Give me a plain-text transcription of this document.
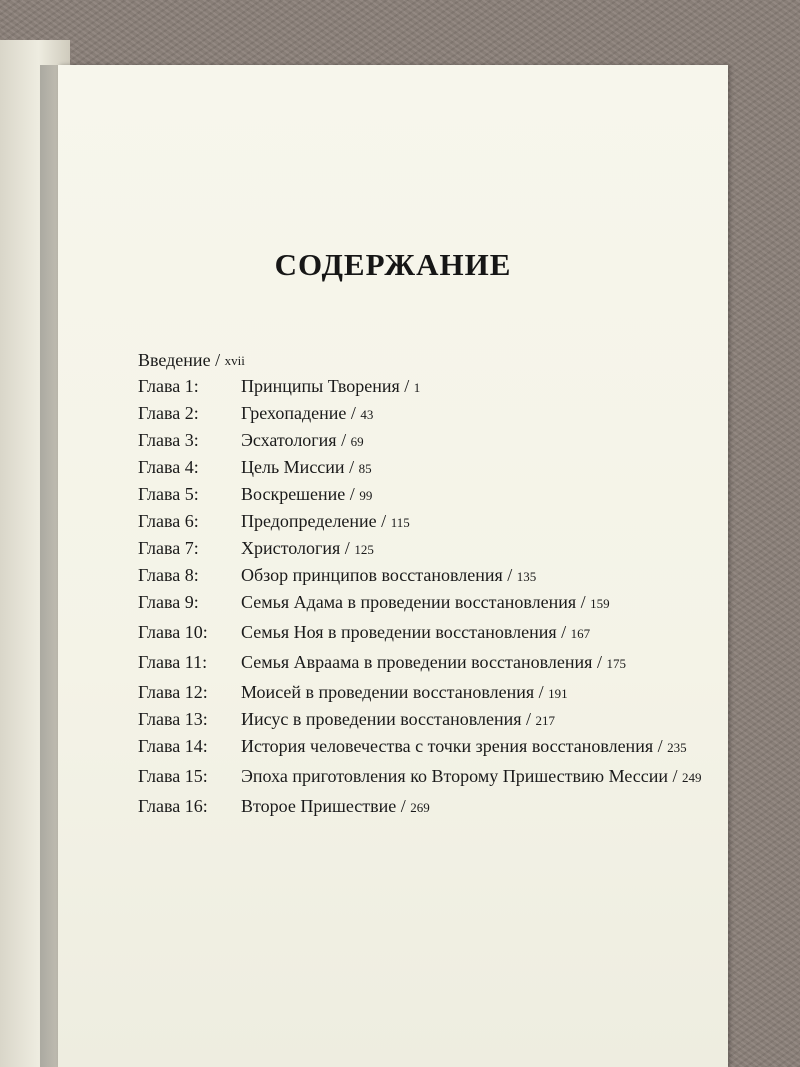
СОДЕРЖАНИЕ
Введение / xvii
Глава 1:	Принципы Творения / 1
Глава 2:	Грехопадение / 43
Глава 3:	Эсхатология / 69
Глава 4:	Цель Миссии / 85
Глава 5:	Воскрешение / 99
Глава 6:	Предопределение / 115
Глава 7:	Христология / 125
Глава 8:	Обзор принципов восстановления / 135
Глава 9:	Семья Адама в проведении восстановления / 159
Глава 10:	Семья Ноя в проведении восстановления / 167
Глава 11:	Семья Авраама в проведении восстановления / 175
Глава 12:	Моисей в проведении восстановления / 191
Глава 13:	Иисус в проведении восстановления / 217
Глава 14:	История человечества с точки зрения восстановления / 235
Глава 15:	Эпоха приготовления ко Второму Пришествию Мессии / 249
Глава 16:	Второе Пришествие / 269
